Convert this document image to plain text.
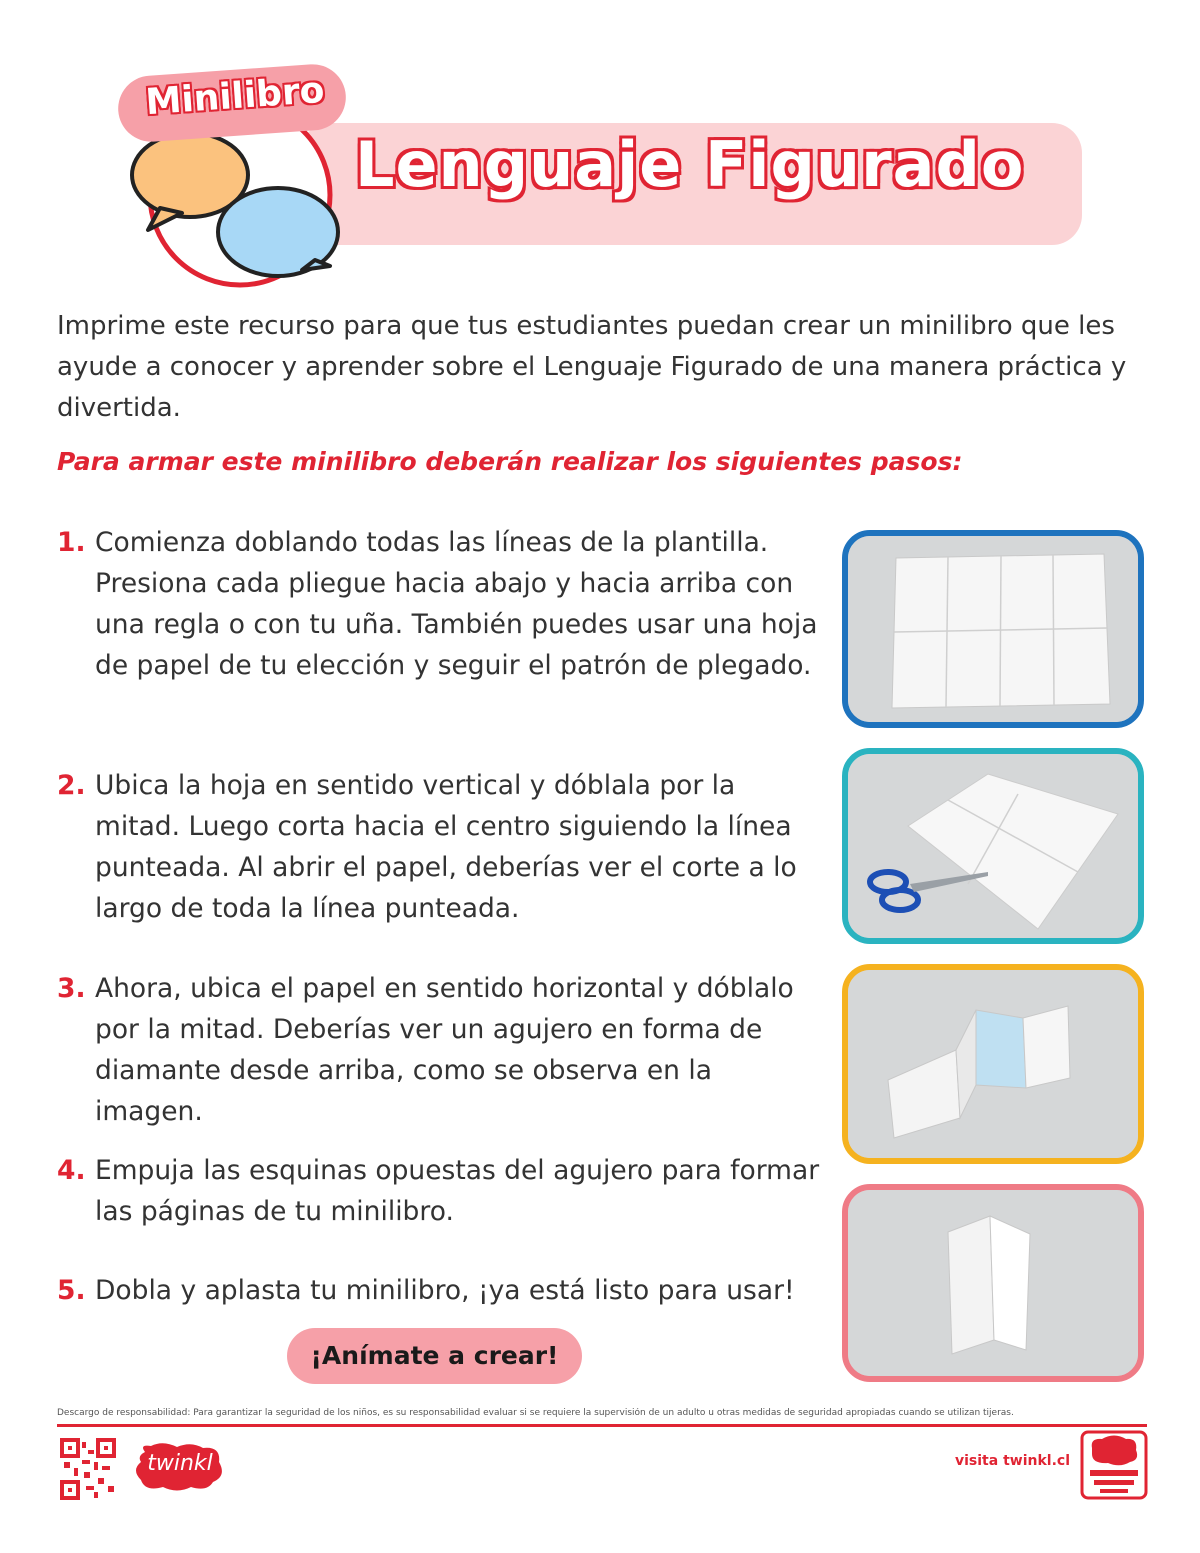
Minilibro
Lenguaje Figurado
Imprime este recurso para que tus estudiantes puedan crear un minilibro que les ayude a conocer y aprender sobre el Lenguaje Figurado de una manera práctica y divertida.
Para armar este minilibro deberán realizar los siguientes pasos:
1. Comienza doblando todas las líneas de la plantilla. Presiona cada pliegue hacia abajo y hacia arriba con una regla o con tu uña. También puedes usar una hoja de papel de tu elección y seguir el patrón de plegado.
2. Ubica la hoja en sentido vertical y dóblala por la mitad. Luego corta hacia el centro siguiendo la línea punteada. Al abrir el papel, deberías ver el corte a lo largo de toda la línea punteada.
3. Ahora, ubica el papel en sentido horizontal y dóblalo por la mitad. Deberías ver un agujero en forma de diamante desde arriba, como se observa en la imagen.
4. Empuja las esquinas opuestas del agujero para formar las páginas de tu minilibro.
5. Dobla y aplasta tu minilibro, ¡ya está listo para usar!
¡Anímate a crear!
Descargo de responsabilidad: Para garantizar la seguridad de los niños, es su responsabilidad evaluar si se requiere la supervisión de un adulto u otras medidas de seguridad apropiadas cuando se utilizan tijeras.
twinkl	visita twinkl.cl
